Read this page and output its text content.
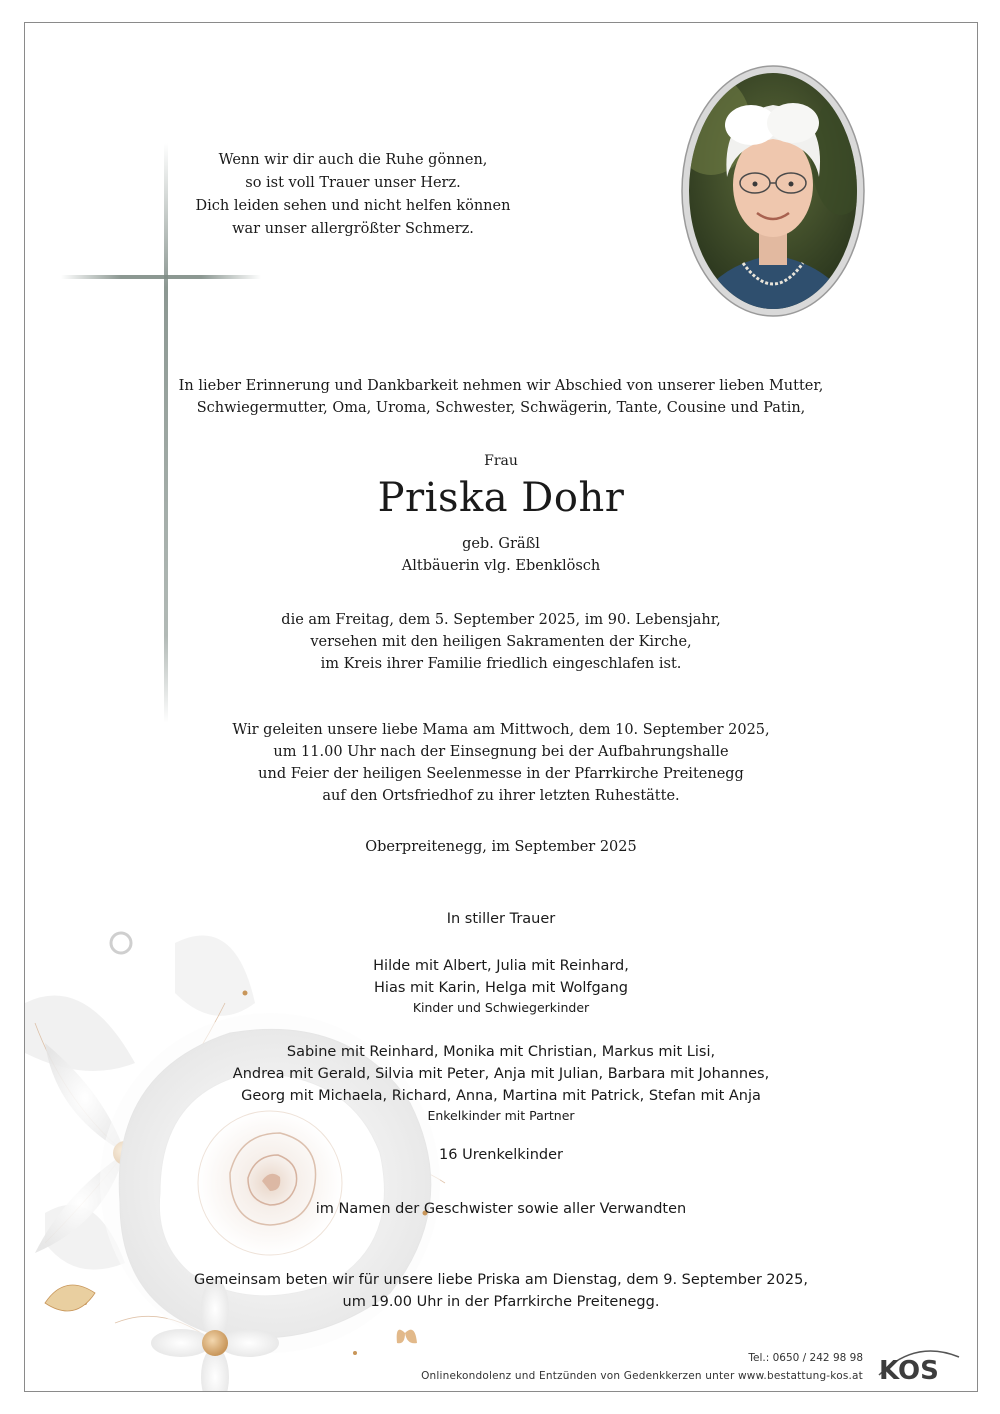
Wenn wir dir auch die Ruhe gönnen,
so ist voll Trauer unser Herz.
Dich leiden sehen und nicht helfen können
war unser allergrößter Schmerz.
In lieber Erinnerung und Dankbarkeit nehmen wir Abschied von unserer lieben Mutter,
Schwiegermutter, Oma, Uroma, Schwester, Schwägerin, Tante, Cousine und Patin,
Frau
Priska Dohr
geb. Gräßl
Altbäuerin vlg. Ebenklösch
die am Freitag, dem 5. September 2025, im 90. Lebensjahr,
versehen mit den heiligen Sakramenten der Kirche,
im Kreis ihrer Familie friedlich eingeschlafen ist.
Wir geleiten unsere liebe Mama am Mittwoch, dem 10. September 2025,
um 11.00 Uhr nach der Einsegnung bei der Aufbahrungshalle
und Feier der heiligen Seelenmesse in der Pfarrkirche Preitenegg
auf den Ortsfriedhof zu ihrer letzten Ruhestätte.
Oberpreitenegg, im September 2025
In stiller Trauer
Hilde mit Albert, Julia mit Reinhard,
Hias mit Karin, Helga mit Wolfgang
Kinder und Schwiegerkinder
Sabine mit Reinhard, Monika mit Christian, Markus mit Lisi,
Andrea mit Gerald, Silvia mit Peter, Anja mit Julian, Barbara mit Johannes,
Georg mit Michaela, Richard, Anna, Martina mit Patrick, Stefan mit Anja
Enkelkinder mit Partner
16 Urenkelkinder
im Namen der Geschwister sowie aller Verwandten
Gemeinsam beten wir für unsere liebe Priska am Dienstag, dem 9. September 2025,
um 19.00 Uhr in der Pfarrkirche Preitenegg.
Tel.: 0650 / 242 98 98
Onlinekondolenz und Entzünden von Gedenkkerzen unter www.bestattung-kos.at KOS
